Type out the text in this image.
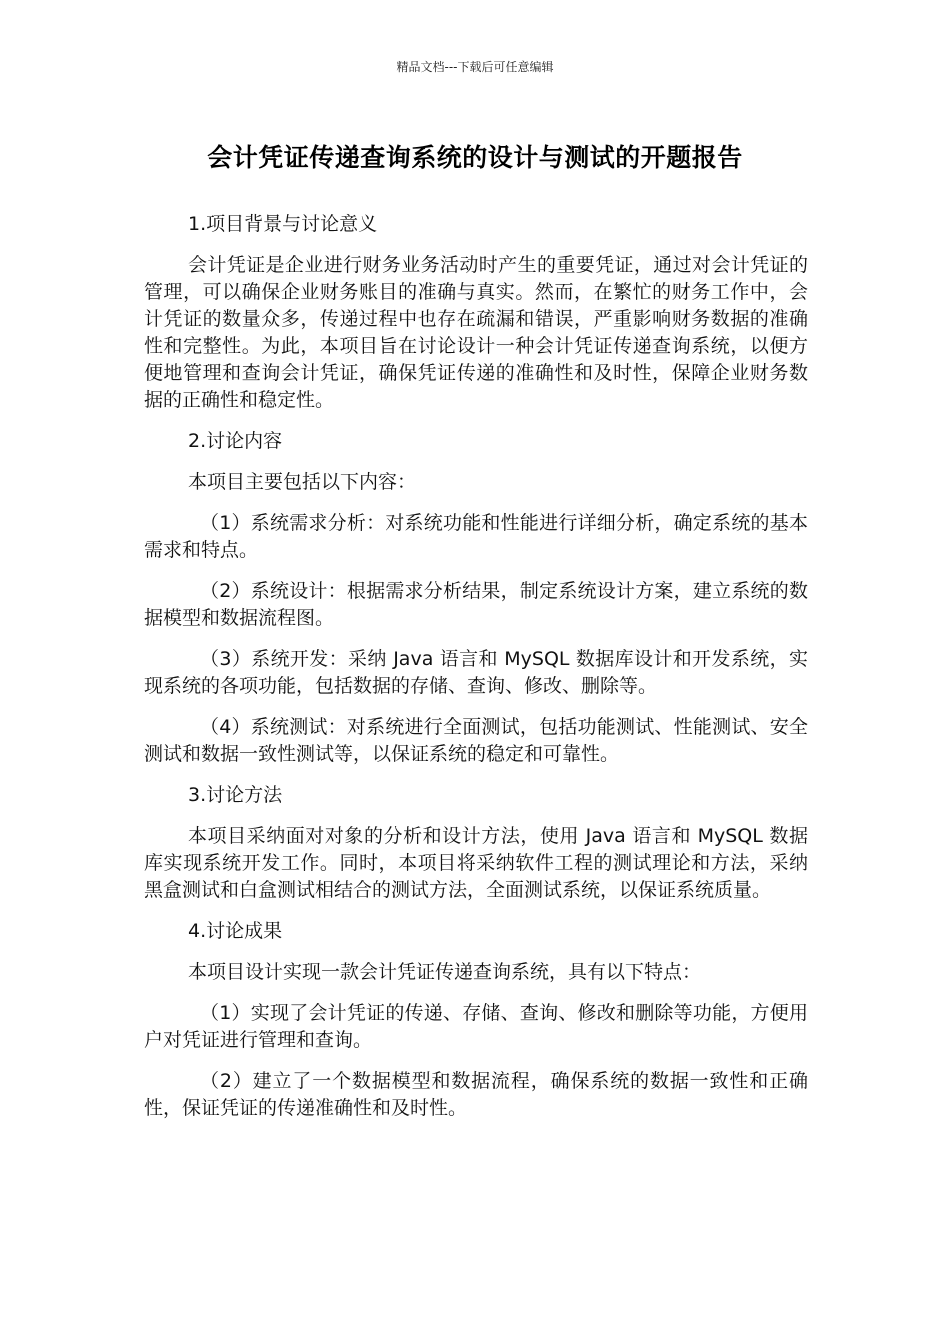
精品文档---下载后可任意编辑
会计凭证传递查询系统的设计与测试的开题报告
1.项目背景与讨论意义

会计凭证是企业进行财务业务活动时产生的重要凭证，通过对会计凭证的管理，可以确保企业财务账目的准确与真实。然而，在繁忙的财务工作中，会计凭证的数量众多，传递过程中也存在疏漏和错误，严重影响财务数据的准确性和完整性。为此，本项目旨在讨论设计一种会计凭证传递查询系统，以便方便地管理和查询会计凭证，确保凭证传递的准确性和及时性，保障企业财务数据的正确性和稳定性。

2.讨论内容

本项目主要包括以下内容：

（1）系统需求分析：对系统功能和性能进行详细分析，确定系统的基本需求和特点。

（2）系统设计：根据需求分析结果，制定系统设计方案，建立系统的数据模型和数据流程图。

（3）系统开发：采纳 Java 语言和 MySQL 数据库设计和开发系统，实现系统的各项功能，包括数据的存储、查询、修改、删除等。

（4）系统测试：对系统进行全面测试，包括功能测试、性能测试、安全测试和数据一致性测试等，以保证系统的稳定和可靠性。

3.讨论方法

本项目采纳面对对象的分析和设计方法，使用 Java 语言和 MySQL 数据库实现系统开发工作。同时，本项目将采纳软件工程的测试理论和方法，采纳黑盒测试和白盒测试相结合的测试方法，全面测试系统，以保证系统质量。

4.讨论成果

本项目设计实现一款会计凭证传递查询系统，具有以下特点：

（1）实现了会计凭证的传递、存储、查询、修改和删除等功能，方便用户对凭证进行管理和查询。

（2）建立了一个数据模型和数据流程，确保系统的数据一致性和正确性，保证凭证的传递准确性和及时性。
